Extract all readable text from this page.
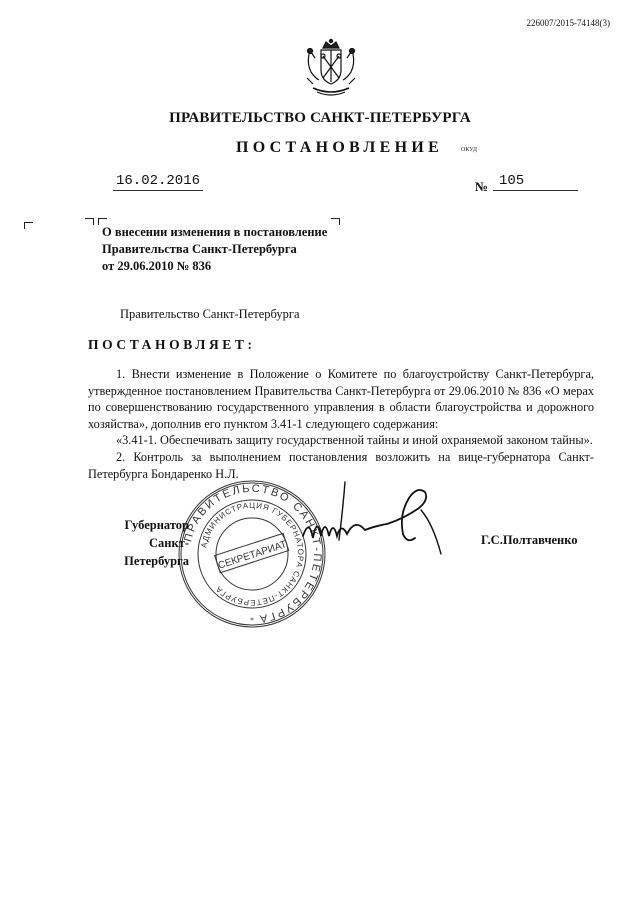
226007/2015-74148(3)
ПРАВИТЕЛЬСТВО САНКТ-ПЕТЕРБУРГА
ПОСТАНОВЛЕНИЕ	ОКУД
16.02.2016	№ 105
О внесении изменения в постановление
Правительства Санкт-Петербурга
от 29.06.2010 № 836
Правительство Санкт-Петербурга
ПОСТАНОВЛЯЕТ:

1. Внести изменение в Положение о Комитете по благоустройству Санкт-Петербурга, утвержденное постановлением Правительства Санкт-Петербурга от 29.06.2010 № 836 «О мерах по совершенствованию государственного управления в области благоустройства и дорожного хозяйства», дополнив его пунктом 3.41-1 следующего содержания:

«3.41-1. Обеспечивать защиту государственной тайны и иной охраняемой законом тайны».

2. Контроль за выполнением постановления возложить на вице-губернатора Санкт-Петербурга Бондаренко Н.Л.

ПРАВИТЕЛЬСТВО САНКТ-ПЕТЕРБУРГА
АДМИНИСТРАЦИЯ ГУБЕРНАТОРА САНКТ-ПЕТЕРБУРГА
СЕКРЕТАРИАТ
*
Губернатор
Санкт-Петербурга
Г.С.Полтавченко
